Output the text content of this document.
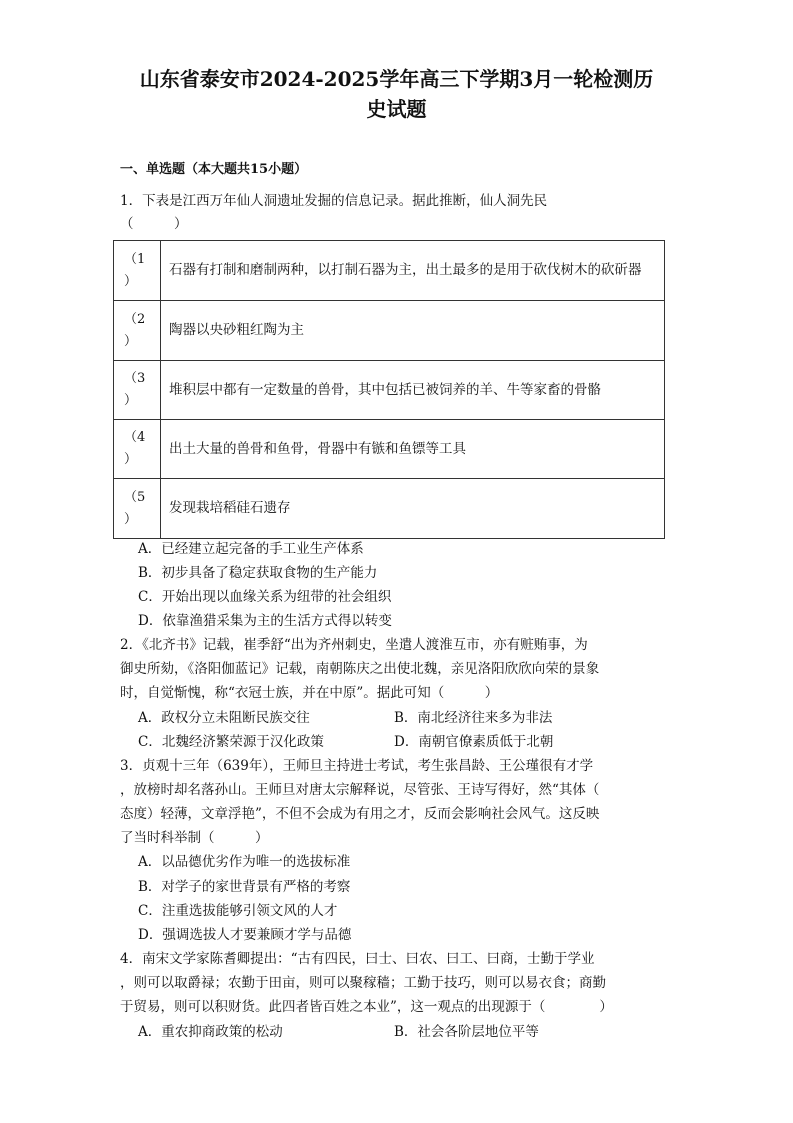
山东省泰安市2024-2025学年高三下学期3月一轮检测历
史试题
一、单选题（本大题共15小题）
1．下表是江西万年仙人洞遗址发掘的信息记录。据此推断，仙人洞先民
（　　　）
（1
）	石器有打制和磨制两种，以打制石器为主，出土最多的是用于砍伐树木的砍斫器
（2
）	陶器以央砂粗红陶为主
（3
）	堆积层中都有一定数量的兽骨，其中包括已被饲养的羊、牛等家畜的骨骼
（4
）	出土大量的兽骨和鱼骨，骨器中有镞和鱼镖等工具
（5
）	发现栽培稻硅石遗存
A．已经建立起完备的手工业生产体系
B．初步具备了稳定获取食物的生产能力
C．开始出现以血缘关系为纽带的社会组织
D．依靠渔猎采集为主的生活方式得以转变
2．《北齐书》记载，崔季舒“出为齐州刺史，坐遣人渡淮互市，亦有赃贿事，为
御史所劾，《洛阳伽蓝记》记载，南朝陈庆之出使北魏，亲见洛阳欣欣向荣的景象
时，自觉惭愧，称“衣冠士族，并在中原”。据此可知（　　　）
A．政权分立未阻断民族交往	B．南北经济往来多为非法
C．北魏经济繁荣源于汉化政策	D．南朝官僚素质低于北朝
3．贞观十三年（639年），王师旦主持进士考试，考生张昌龄、王公瑾很有才学
，放榜时却名落孙山。王师旦对唐太宗解释说，尽管张、王诗写得好，然“其体（
态度）轻薄，文章浮艳”，不但不会成为有用之才，反而会影响社会风气。这反映
了当时科举制（　　　）
A．以品德优劣作为唯一的选拔标准
B．对学子的家世背景有严格的考察
C．注重选拔能够引领文风的人才
D．强调选拔人才要兼顾才学与品德
4．南宋文学家陈耆卿提出：“古有四民，曰士、曰农、曰工、曰商，士勤于学业
，则可以取爵禄；农勤于田亩，则可以聚稼穑；工勤于技巧，则可以易衣食；商勤
于贸易，则可以积财货。此四者皆百姓之本业”，这一观点的出现源于（　　　　）
A．重农抑商政策的松动	B．社会各阶层地位平等
